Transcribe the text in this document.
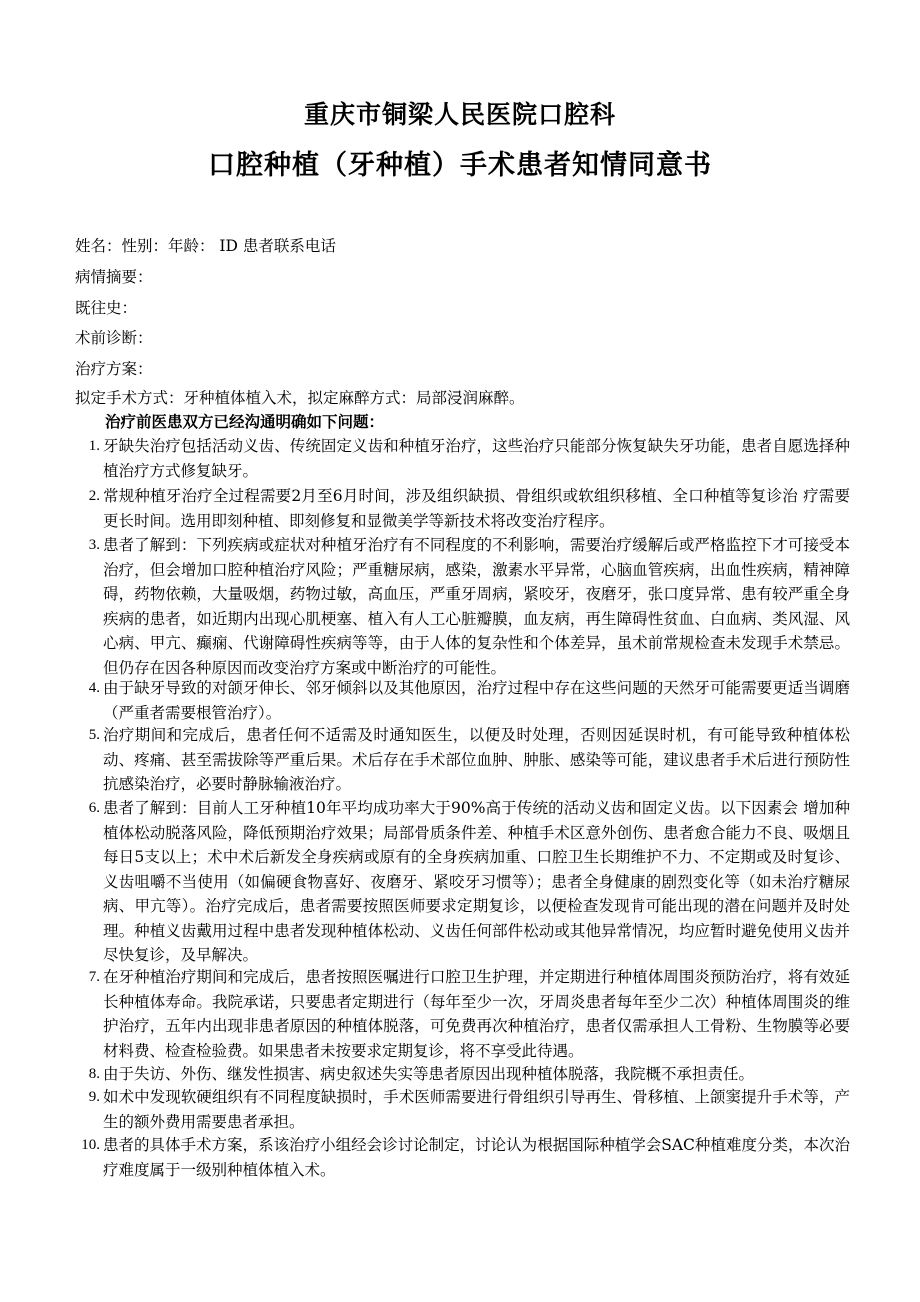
重庆市铜梁人民医院口腔科
口腔种植（牙种植）手术患者知情同意书
姓名：性别：年龄： ID 患者联系电话
病情摘要：
既往史：
术前诊断：
治疗方案：
拟定手术方式：牙种植体植入术，拟定麻醉方式：局部浸润麻醉。
治疗前医患双方已经沟通明确如下问题：
1. 牙缺失治疗包括活动义齿、传统固定义齿和种植牙治疗，这些治疗只能部分恢复缺失牙功能，患者自愿选择种植治疗方式修复缺牙。
2. 常规种植牙治疗全过程需要2月至6月时间，涉及组织缺损、骨组织或软组织移植、全口种植等复诊治 疗需要更长时间。选用即刻种植、即刻修复和显微美学等新技术将改变治疗程序。
3. 患者了解到：下列疾病或症状对种植牙治疗有不同程度的不利影响，需要治疗缓解后或严格监控下才可接受本治疗，但会增加口腔种植治疗风险；严重糖尿病，感染，激素水平异常，心脑血管疾病，出血性疾病，精神障碍，药物依赖，大量吸烟，药物过敏，高血压，严重牙周病，紧咬牙，夜磨牙，张口度异常、患有较严重全身疾病的患者，如近期内出现心肌梗塞、植入有人工心脏瓣膜，血友病，再生障碍性贫血、白血病、类风湿、风心病、甲亢、癫痫、代谢障碍性疾病等等，由于人体的复杂性和个体差异，虽术前常规检查未发现手术禁忌。但仍存在因各种原因而改变治疗方案或中断治疗的可能性。
4. 由于缺牙导致的对颌牙伸长、邻牙倾斜以及其他原因，治疗过程中存在这些问题的天然牙可能需要更适当调磨（严重者需要根管治疗）。
5. 治疗期间和完成后，患者任何不适需及时通知医生，以便及时处理，否则因延误时机，有可能导致种植体松动、疼痛、甚至需拔除等严重后果。术后存在手术部位血肿、肿胀、感染等可能，建议患者手术后进行预防性抗感染治疗，必要时静脉输液治疗。
6. 患者了解到：目前人工牙种植10年平均成功率大于90%高于传统的活动义齿和固定义齿。以下因素会 增加种植体松动脱落风险，降低预期治疗效果；局部骨质条件差、种植手术区意外创伤、患者愈合能力不良、吸烟且每日5支以上；术中术后新发全身疾病或原有的全身疾病加重、口腔卫生长期维护不力、不定期或及时复诊、义齿咀嚼不当使用（如偏硬食物喜好、夜磨牙、紧咬牙习惯等）；患者全身健康的剧烈变化等（如未治疗糖尿病、甲亢等）。治疗完成后，患者需要按照医师要求定期复诊，以便检查发现肯可能出现的潜在问题并及时处理。种植义齿戴用过程中患者发现种植体松动、义齿任何部件松动或其他异常情况，均应暂时避免使用义齿并尽快复诊，及早解决。
7. 在牙种植治疗期间和完成后，患者按照医嘱进行口腔卫生护理，并定期进行种植体周围炎预防治疗，将有效延长种植体寿命。我院承诺，只要患者定期进行（每年至少一次，牙周炎患者每年至少二次）种植体周围炎的维护治疗，五年内出现非患者原因的种植体脱落，可免费再次种植治疗，患者仅需承担人工骨粉、生物膜等必要材料费、检查检验费。如果患者未按要求定期复诊，将不享受此待遇。
8. 由于失访、外伤、继发性损害、病史叙述失实等患者原因出现种植体脱落，我院概不承担责任。
9. 如术中发现软硬组织有不同程度缺损时，手术医师需要进行骨组织引导再生、骨移植、上颌窦提升手术等，产生的额外费用需要患者承担。
10. 患者的具体手术方案，系该治疗小组经会诊讨论制定，讨论认为根据国际种植学会SAC种植难度分类，本次治疗难度属于一级别种植体植入术。
